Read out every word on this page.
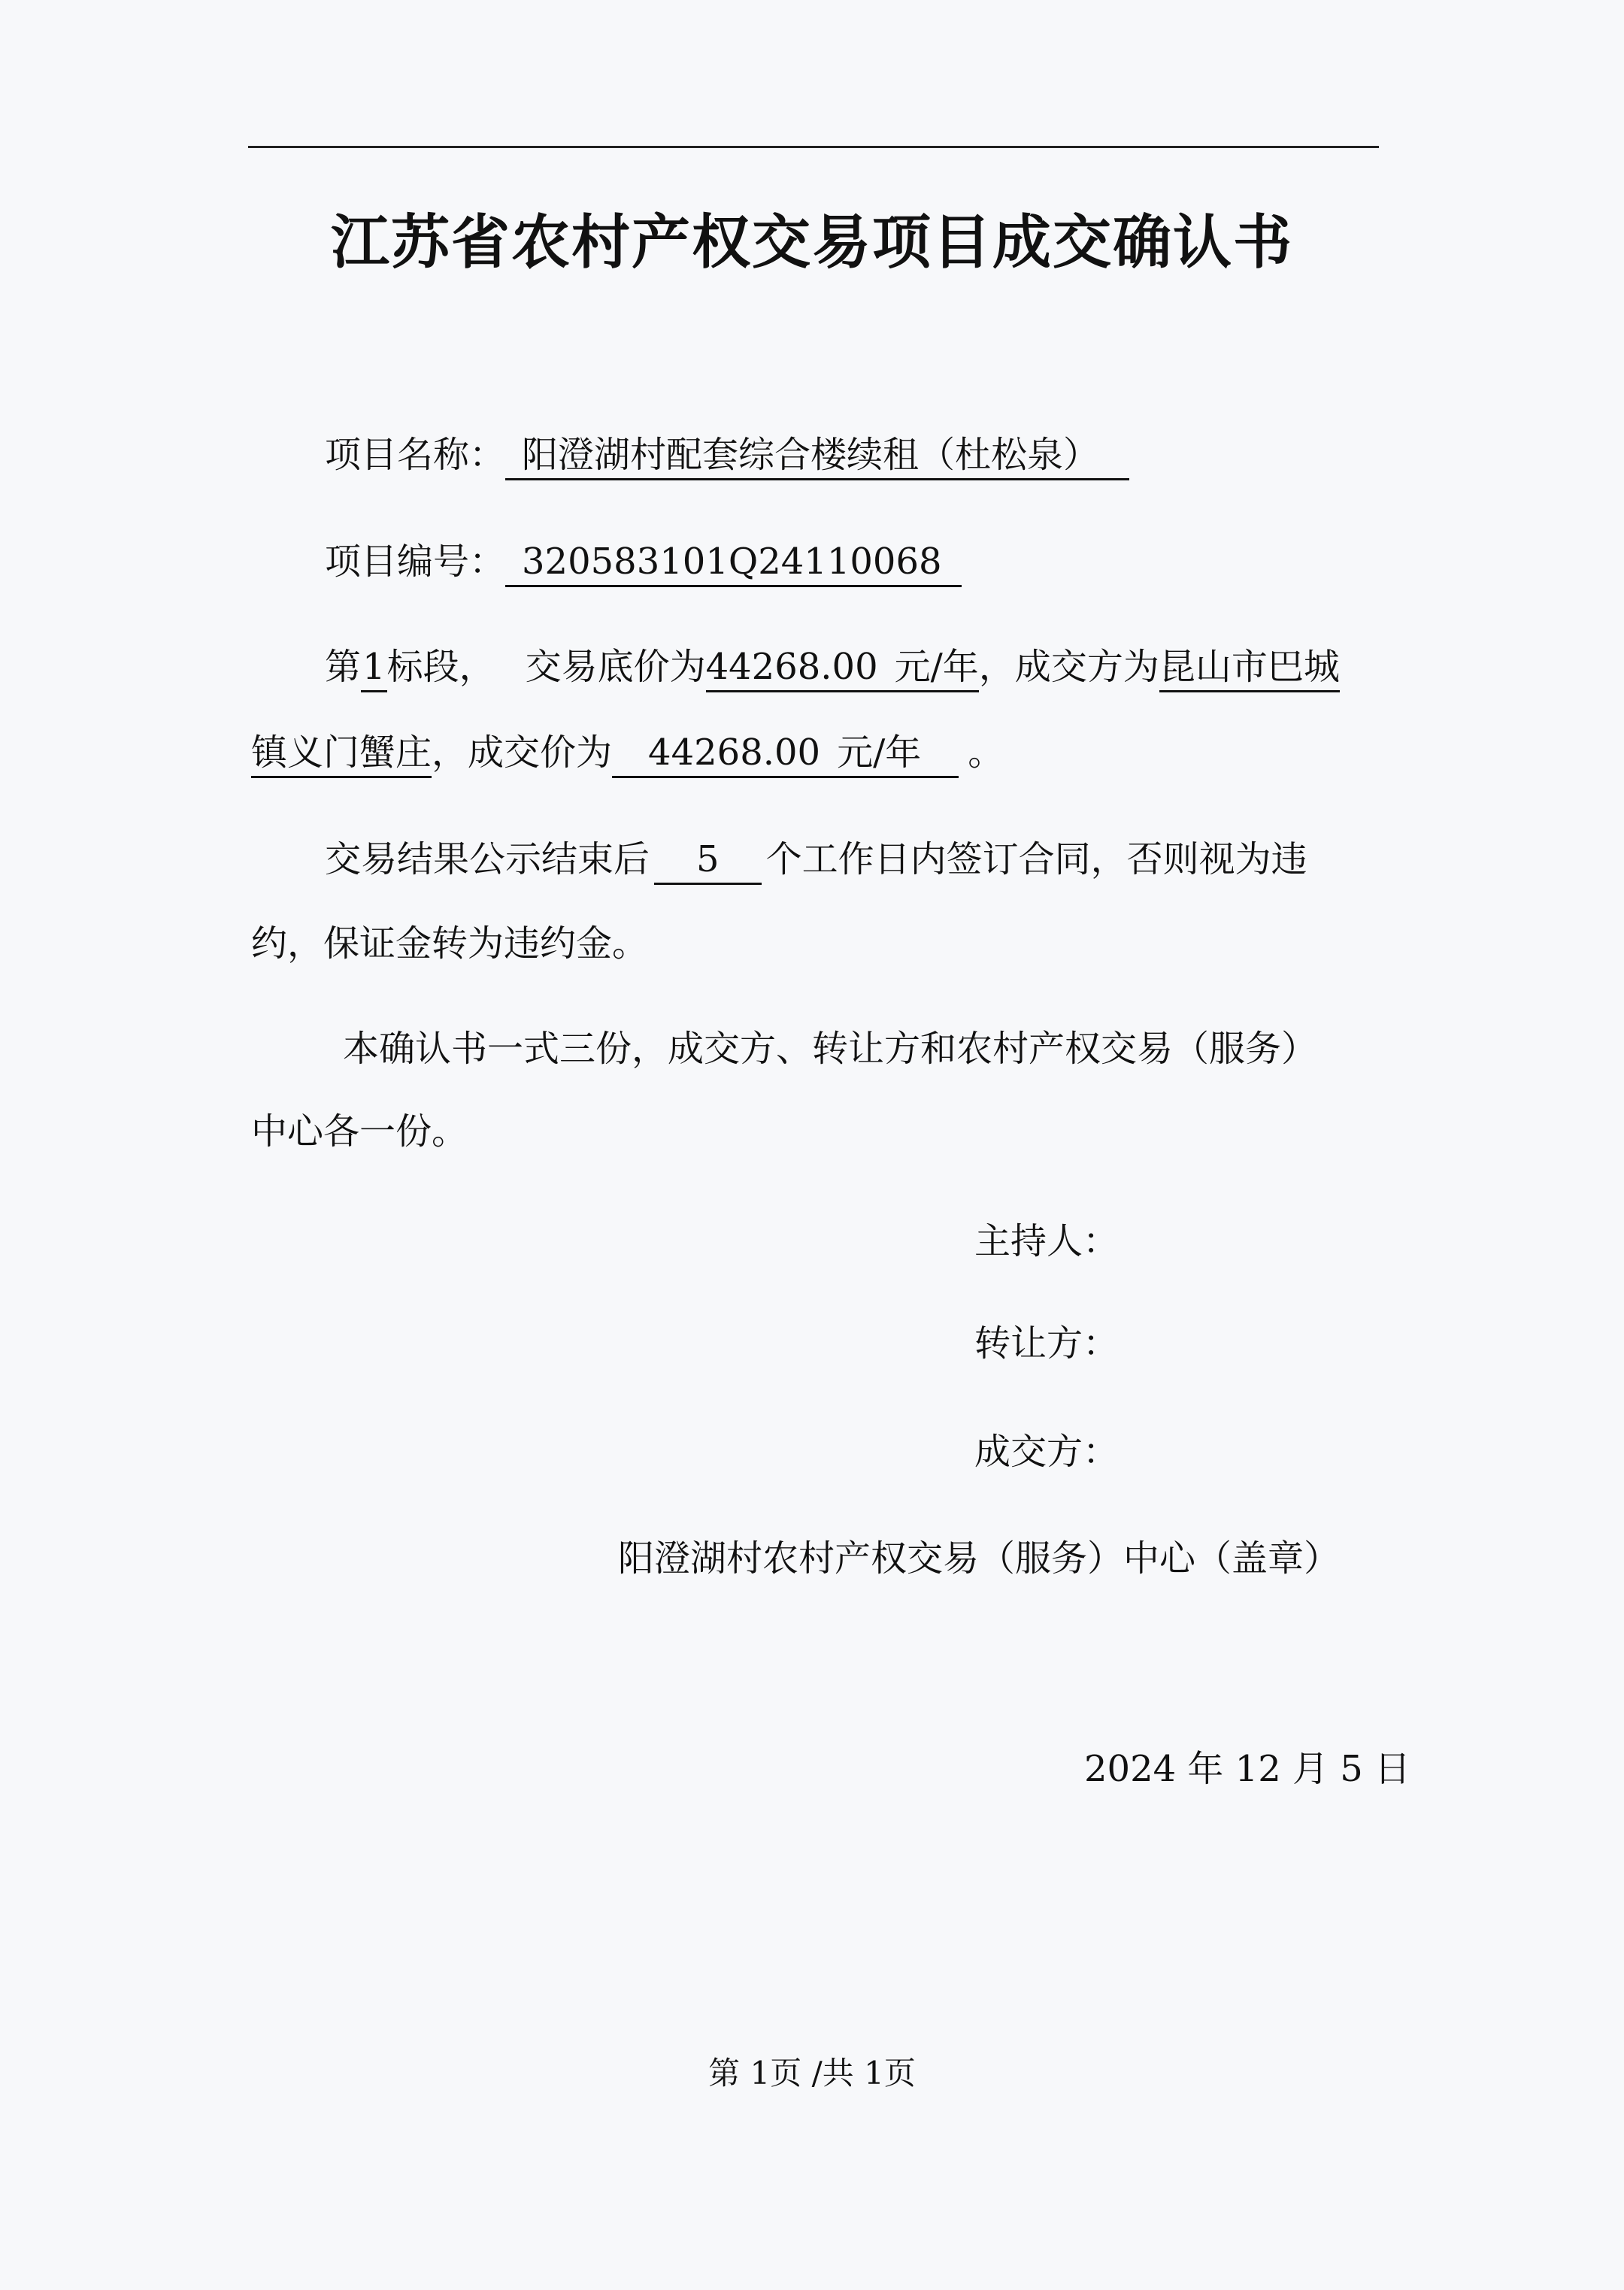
江苏省农村产权交易项目成交确认书
项目名称： 阳澄湖村配套综合楼续租（杜松泉）
项目编号： 320583101Q24110068
第1标段， 交易底价为44268.00 元/年，成交方为昆山市巴城
镇义门蟹庄，成交价为 44268.00 元/年 。
交易结果公示结束后 5 个工作日内签订合同，否则视为违
约，保证金转为违约金。
本确认书一式三份，成交方、转让方和农村产权交易（服务）
中心各一份。
主持人：
转让方：
成交方：
阳澄湖村农村产权交易（服务）中心（盖章）
2024 年 12 月 5 日
第 1页 /共 1页
